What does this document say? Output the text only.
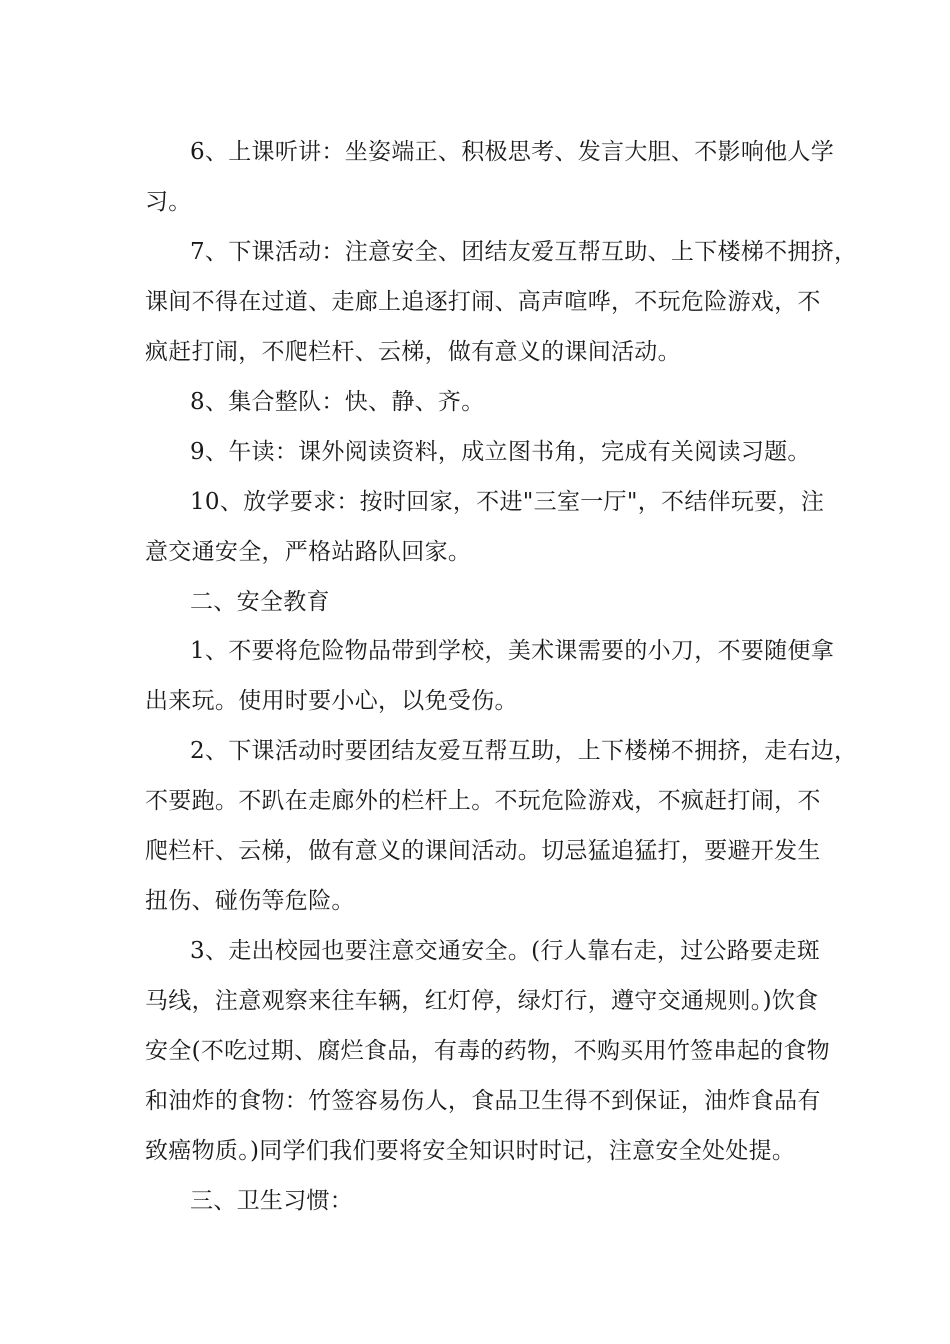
6、上课听讲：坐姿端正、积极思考、发言大胆、不影响他人学
习。
7、下课活动：注意安全、团结友爱互帮互助、上下楼梯不拥挤，
课间不得在过道、走廊上追逐打闹、高声喧哗，不玩危险游戏，不
疯赶打闹，不爬栏杆、云梯，做有意义的课间活动。
8、集合整队：快、静、齐。
9、午读：课外阅读资料，成立图书角，完成有关阅读习题。
10、放学要求：按时回家，不进"三室一厅"，不结伴玩要，注
意交通安全，严格站路队回家。
二、安全教育
1、不要将危险物品带到学校，美术课需要的小刀，不要随便拿
出来玩。使用时要小心，以免受伤。
2、下课活动时要团结友爱互帮互助，上下楼梯不拥挤，走右边，
不要跑。不趴在走廊外的栏杆上。不玩危险游戏，不疯赶打闹，不
爬栏杆、云梯，做有意义的课间活动。切忌猛追猛打，要避开发生
扭伤、碰伤等危险。
3、走出校园也要注意交通安全。(行人靠右走，过公路要走斑
马线，注意观察来往车辆，红灯停，绿灯行，遵守交通规则。)饮食
安全(不吃过期、腐烂食品，有毒的药物，不购买用竹签串起的食物
和油炸的食物：竹签容易伤人，食品卫生得不到保证，油炸食品有
致癌物质。)同学们我们要将安全知识时时记，注意安全处处提。
三、卫生习惯：
